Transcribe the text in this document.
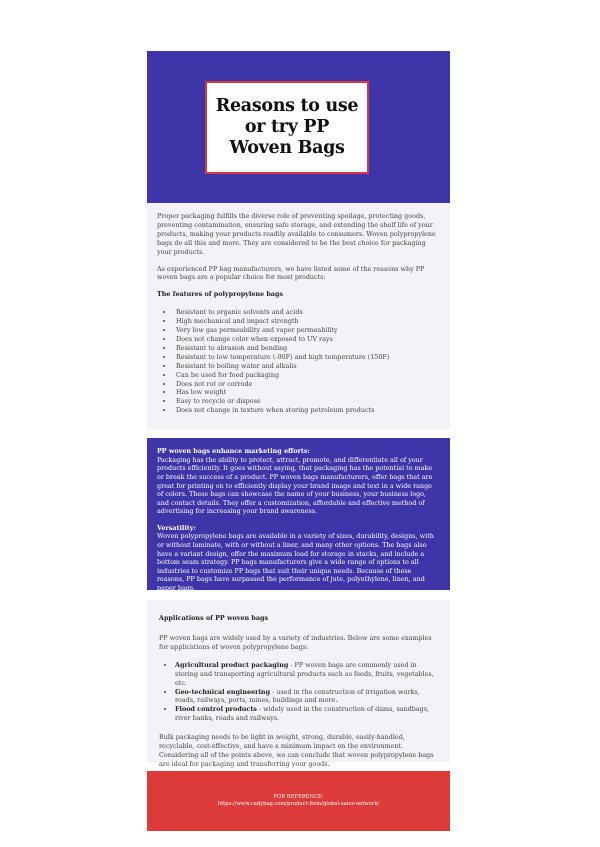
Reasons to use
or try PP
Woven Bags

Proper packaging fulfills the diverse role of preventing spoilage, protecting goods, preventing contamination, ensuring safe storage, and extending the shelf life of your products, making your products readily available to consumers. Woven polypropylene bags do all this and more. They are considered to be the best choice for packaging your products.

As experienced PP bag manufacturers, we have listed some of the reasons why PP woven bags are a popular choice for most products:

The features of polypropylene bags

• Resistant to organic solvents and acids
• High mechanical and impact strength
• Very low gas permeability and vapor permeability
• Does not change color when exposed to UV rays
• Resistant to abrasion and bending
• Resistant to low temperature (-90F) and high temperature (150F)
• Resistant to boiling water and alkalis
• Can be used for food packaging
• Does not rot or corrode
• Has low weight
• Easy to recycle or dispose
• Does not change in texture when storing petroleum products

PP woven bags enhance marketing efforts:

Packaging has the ability to protect, attract, promote, and differentiate all of your products efficiently. It goes without saying, that packaging has the potential to make or break the success of a product. PP woven bags manufacturers, offer bags that are great for printing on to efficiently display your brand image and text in a wide range of colors. These bags can showcase the name of your business, your business logo, and contact details. They offer a customization, affordable and effective method of advertising for increasing your brand awareness.

Versatility:

Woven polypropylene bags are available in a variety of sizes, durability, designs, with or without laminate, with or without a liner, and many other options. The bags also have a variant design, offer the maximum load for storage in stacks, and include a bottom seam strategy. PP bags manufacturers give a wide range of options to all industries to customize PP bags that suit their unique needs. Because of these reasons, PP bags have surpassed the performance of jute, polyethylene, linen, and paper bags.

Applications of PP woven bags

PP woven bags are widely used by a variety of industries. Below are some examples for applications of woven polypropylene bags:

• Agricultural product packaging - PP woven bags are commonly used in storing and transporting agricultural products such as feeds, fruits, vegetables, etc.
• Geo-technical engineering - used in the construction of irrigation works, roads, railways, ports, mines, buildings and more.
• Flood control products - widely used in the construction of dams, sandbags, river banks, roads and railways.

Bulk packaging needs to be light in weight, strong, durable, easily-handled, recyclable, cost-effective, and have a minimum impact on the environment. Considering all of the points above, we can conclude that woven polypropylene bags are ideal for packaging and transferring your goods.

FOR REFERENCE:
https://www.cadybag.com/product-item/global-sales-network/
